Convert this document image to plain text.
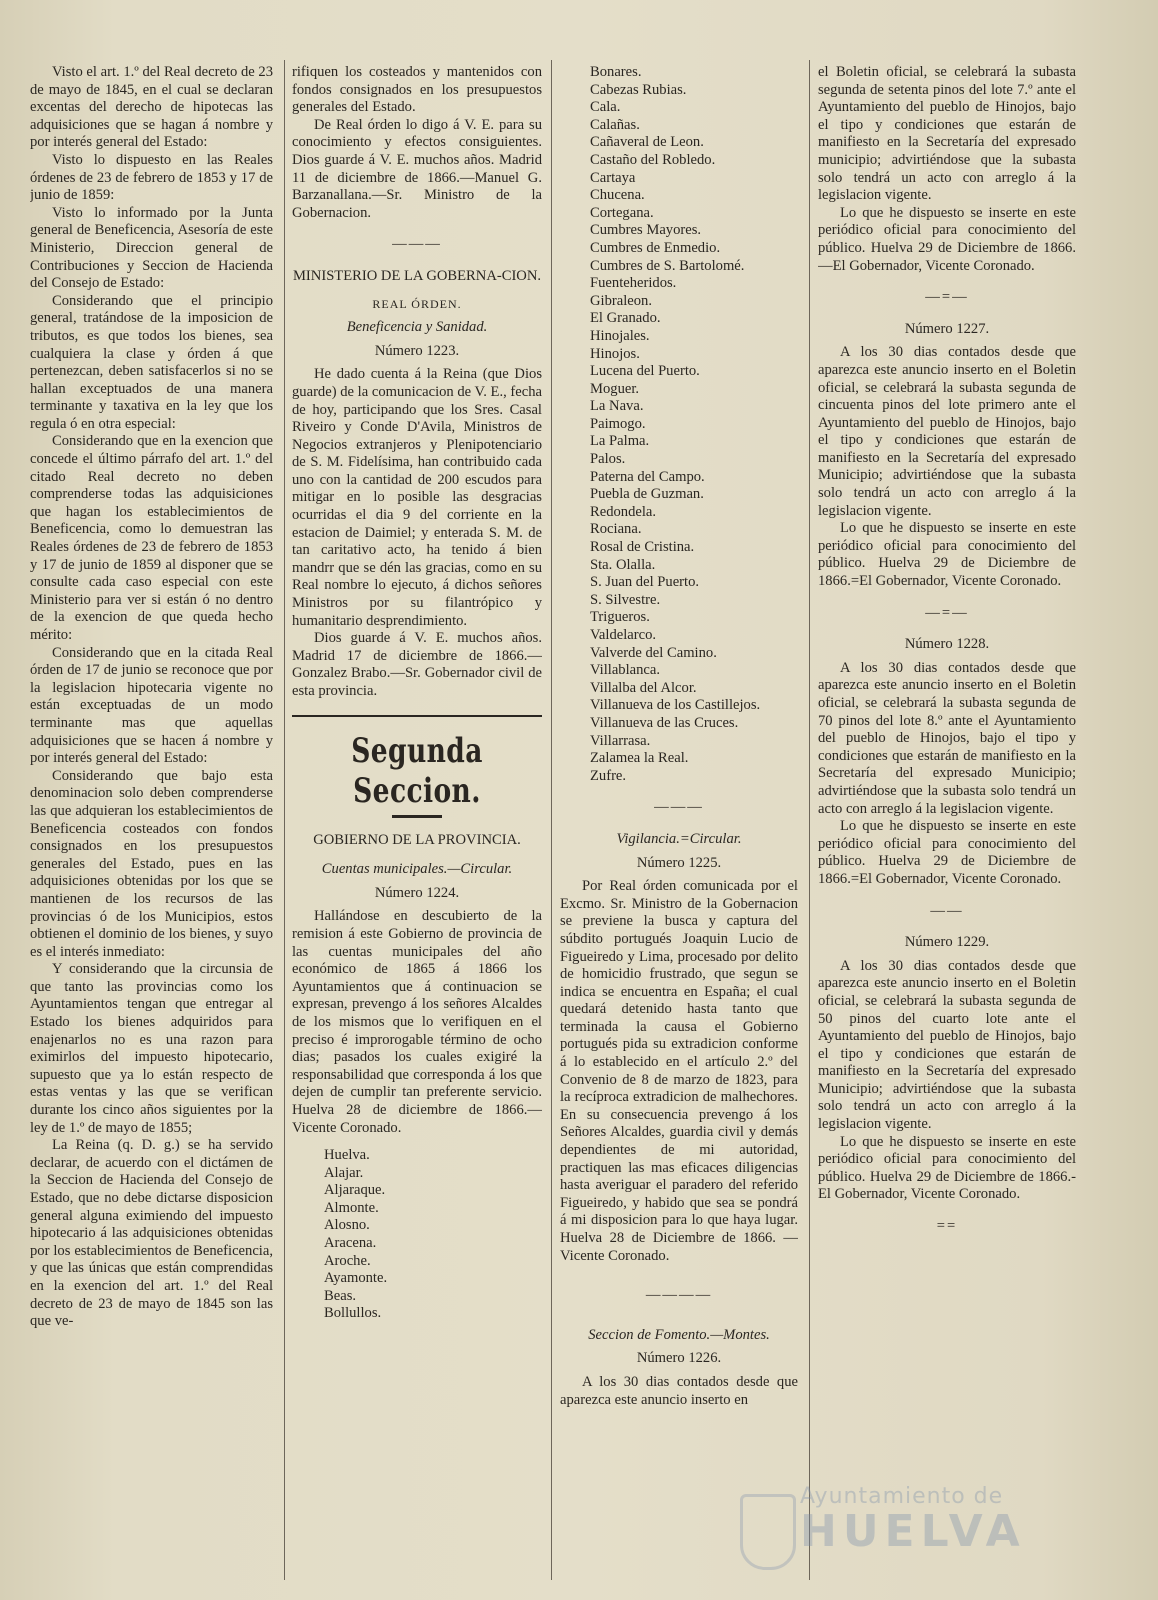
Visto el art. 1.º del Real decreto de 23 de mayo de 1845, en el cual se declaran excentas del derecho de hipotecas las adquisiciones que se hagan á nombre y por interés general del Estado:

Visto lo dispuesto en las Reales órdenes de 23 de febrero de 1853 y 17 de junio de 1859:

Visto lo informado por la Junta general de Beneficencia, Asesoría de este Ministerio, Direccion general de Contribuciones y Seccion de Hacienda del Consejo de Estado:

Considerando que el principio general, tratándose de la imposicion de tributos, es que todos los bienes, sea cualquiera la clase y órden á que pertenezcan, deben satisfacerlos si no se hallan exceptuados de una manera terminante y taxativa en la ley que los regula ó en otra especial:

Considerando que en la exencion que concede el último párrafo del art. 1.º del citado Real decreto no deben comprenderse todas las adquisiciones que hagan los establecimientos de Beneficencia, como lo demuestran las Reales órdenes de 23 de febrero de 1853 y 17 de junio de 1859 al disponer que se consulte cada caso especial con este Ministerio para ver si están ó no dentro de la exencion de que queda hecho mérito:

Considerando que en la citada Real órden de 17 de junio se reconoce que por la legislacion hipotecaria vigente no están exceptuadas de un modo terminante mas que aquellas adquisiciones que se hacen á nombre y por interés general del Estado:

Considerando que bajo esta denominacion solo deben comprenderse las que adquieran los establecimientos de Beneficencia costeados con fondos consignados en los presupuestos generales del Estado, pues en las adquisiciones obtenidas por los que se mantienen de los recursos de las provincias ó de los Municipios, estos obtienen el dominio de los bienes, y suyo es el interés inmediato:

Y considerando que la circunsia de que tanto las provincias como los Ayuntamientos tengan que entregar al Estado los bienes adquiridos para enajenarlos no es una razon para eximirlos del impuesto hipotecario, supuesto que ya lo están respecto de estas ventas y las que se verifican durante los cinco años siguientes por la ley de 1.º de mayo de 1855;

La Reina (q. D. g.) se ha servido declarar, de acuerdo con el dictámen de la Seccion de Hacienda del Consejo de Estado, que no debe dictarse disposicion general alguna eximiendo del impuesto hipotecario á las adquisiciones obtenidas por los establecimientos de Beneficencia, y que las únicas que están comprendidas en la exencion del art. 1.º del Real decreto de 23 de mayo de 1845 son las que ve-

rifiquen los costeados y mantenidos con fondos consignados en los presupuestos generales del Estado.

De Real órden lo digo á V. E. para su conocimiento y efectos consiguientes. Dios guarde á V. E. muchos años. Madrid 11 de diciembre de 1866.—Manuel G. Barzanallana.—Sr. Ministro de la Gobernacion.

———
MINISTERIO DE LA GOBERNA-CION.
REAL ÓRDEN.
Beneficencia y Sanidad.
Número 1223.

He dado cuenta á la Reina (que Dios guarde) de la comunicacion de V. E., fecha de hoy, participando que los Sres. Casal Riveiro y Conde D'Avila, Ministros de Negocios extranjeros y Plenipotenciario de S. M. Fidelísima, han contribuido cada uno con la cantidad de 200 escudos para mitigar en lo posible las desgracias ocurridas el dia 9 del corriente en la estacion de Daimiel; y enterada S. M. de tan caritativo acto, ha tenido á bien mandrr que se dén las gracias, como en su Real nombre lo ejecuto, á dichos señores Ministros por su filantrópico y humanitario desprendimiento.

Dios guarde á V. E. muchos años. Madrid 17 de diciembre de 1866.—Gonzalez Brabo.—Sr. Gobernador civil de esta provincia.

Segunda Seccion.
GOBIERNO DE LA PROVINCIA.
Cuentas municipales.—Circular.
Número 1224.

Hallándose en descubierto de la remision á este Gobierno de provincia de las cuentas municipales del año económico de 1865 á 1866 los Ayuntamientos que á continuacion se expresan, prevengo á los señores Alcaldes de los mismos que lo verifiquen en el preciso é improrogable término de ocho dias; pasados los cuales exigiré la responsabilidad que corresponda á los que dejen de cumplir tan preferente servicio. Huelva 28 de diciembre de 1866.—Vicente Coronado.

Huelva.
Alajar.
Aljaraque.
Almonte.
Alosno.
Aracena.
Aroche.
Ayamonte.
Beas.
Bollullos.
Bonares.
Cabezas Rubias.
Cala.
Calañas.
Cañaveral de Leon.
Castaño del Robledo.
Cartaya
Chucena.
Cortegana.
Cumbres Mayores.
Cumbres de Enmedio.
Cumbres de S. Bartolomé.
Fuenteheridos.
Gibraleon.
El Granado.
Hinojales.
Hinojos.
Lucena del Puerto.
Moguer.
La Nava.
Paimogo.
La Palma.
Palos.
Paterna del Campo.
Puebla de Guzman.
Redondela.
Rociana.
Rosal de Cristina.
Sta. Olalla.
S. Juan del Puerto.
S. Silvestre.
Trigueros.
Valdelarco.
Valverde del Camino.
Villablanca.
Villalba del Alcor.
Villanueva de los Castillejos.
Villanueva de las Cruces.
Villarrasa.
Zalamea la Real.
Zufre.
———
Vigilancia.=Circular.
Número 1225.

Por Real órden comunicada por el Excmo. Sr. Ministro de la Gobernacion se previene la busca y captura del súbdito portugués Joaquin Lucio de Figueiredo y Lima, procesado por delito de homicidio frustrado, que segun se indica se encuentra en España; el cual quedará detenido hasta tanto que terminada la causa el Gobierno portugués pida su extradicion conforme á lo establecido en el artículo 2.º del Convenio de 8 de marzo de 1823, para la recíproca extradicion de malhechores. En su consecuencia prevengo á los Señores Alcaldes, guardia civil y demás dependientes de mi autoridad, practiquen las mas eficaces diligencias hasta averiguar el paradero del referido Figueiredo, y habido que sea se pondrá á mi disposicion para lo que haya lugar. Huelva 28 de Diciembre de 1866. —Vicente Coronado.

————
Seccion de Fomento.—Montes.
Número 1226.

A los 30 dias contados desde que aparezca este anuncio inserto en

el Boletin oficial, se celebrará la subasta segunda de setenta pinos del lote 7.º ante el Ayuntamiento del pueblo de Hinojos, bajo el tipo y condiciones que estarán de manifiesto en la Secretaría del expresado municipio; advirtiéndose que la subasta solo tendrá un acto con arreglo á la legislacion vigente.

Lo que he dispuesto se inserte en este periódico oficial para conocimiento del público. Huelva 29 de Diciembre de 1866.—El Gobernador, Vicente Coronado.

—=—
Número 1227.

A los 30 dias contados desde que aparezca este anuncio inserto en el Boletin oficial, se celebrará la subasta segunda de cincuenta pinos del lote primero ante el Ayuntamiento del pueblo de Hinojos, bajo el tipo y condiciones que estarán de manifiesto en la Secretaría del expresado Municipio; advirtiéndose que la subasta solo tendrá un acto con arreglo á la legislacion vigente.

Lo que he dispuesto se inserte en este periódico oficial para conocimiento del público. Huelva 29 de Diciembre de 1866.=El Gobernador, Vicente Coronado.

—=—
Número 1228.

A los 30 dias contados desde que aparezca este anuncio inserto en el Boletin oficial, se celebrará la subasta segunda de 70 pinos del lote 8.º ante el Ayuntamiento del pueblo de Hinojos, bajo el tipo y condiciones que estarán de manifiesto en la Secretaría del expresado Municipio; advirtiéndose que la subasta solo tendrá un acto con arreglo á la legislacion vigente.

Lo que he dispuesto se inserte en este periódico oficial para conocimiento del público. Huelva 29 de Diciembre de 1866.=El Gobernador, Vicente Coronado.

——
Número 1229.

A los 30 dias contados desde que aparezca este anuncio inserto en el Boletin oficial, se celebrará la subasta segunda de 50 pinos del cuarto lote ante el Ayuntamiento del pueblo de Hinojos, bajo el tipo y condiciones que estarán de manifiesto en la Secretaría del expresado Municipio; advirtiéndose que la subasta solo tendrá un acto con arreglo á la legislacion vigente.

Lo que he dispuesto se inserte en este periódico oficial para conocimiento del público. Huelva 29 de Diciembre de 1866.-El Gobernador, Vicente Coronado.

==
Ayuntamiento de
HUELVA
